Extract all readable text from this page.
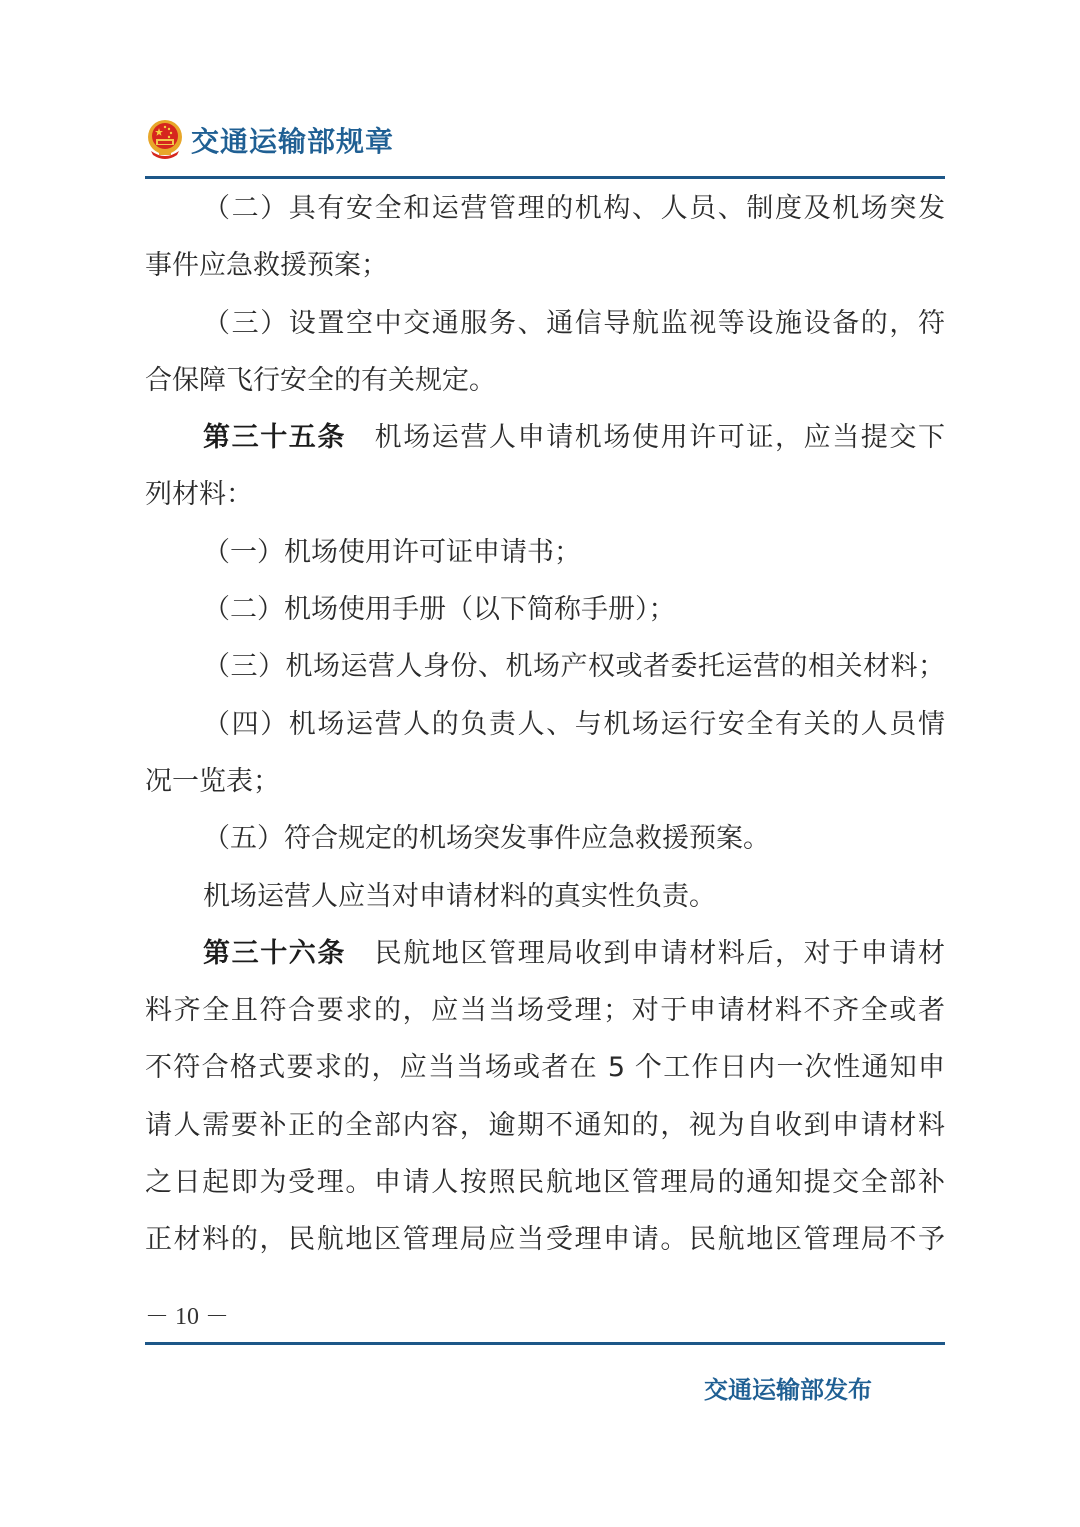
交通运输部规章
（二）具有安全和运营管理的机构、人员、制度及机场突发
事件应急救援预案；
（三）设置空中交通服务、通信导航监视等设施设备的，符
合保障飞行安全的有关规定。
第三十五条　 机场运营人申请机场使用许可证，应当提交下
列材料：
（一）机场使用许可证申请书；
（二）机场使用手册（以下简称手册）；
（三）机场运营人身份、机场产权或者委托运营的相关材料；
（四）机场运营人的负责人、与机场运行安全有关的人员情
况一览表；
（五）符合规定的机场突发事件应急救援预案。
机场运营人应当对申请材料的真实性负责。
第三十六条　 民航地区管理局收到申请材料后，对于申请材
料齐全且符合要求的，应当当场受理；对于申请材料不齐全或者
不符合格式要求的，应当当场或者在 5 个工作日内一次性通知申
请人需要补正的全部内容，逾期不通知的，视为自收到申请材料
之日起即为受理。申请人按照民航地区管理局的通知提交全部补
正材料的，民航地区管理局应当受理申请。民航地区管理局不予
－ 10 －
交通运输部发布
